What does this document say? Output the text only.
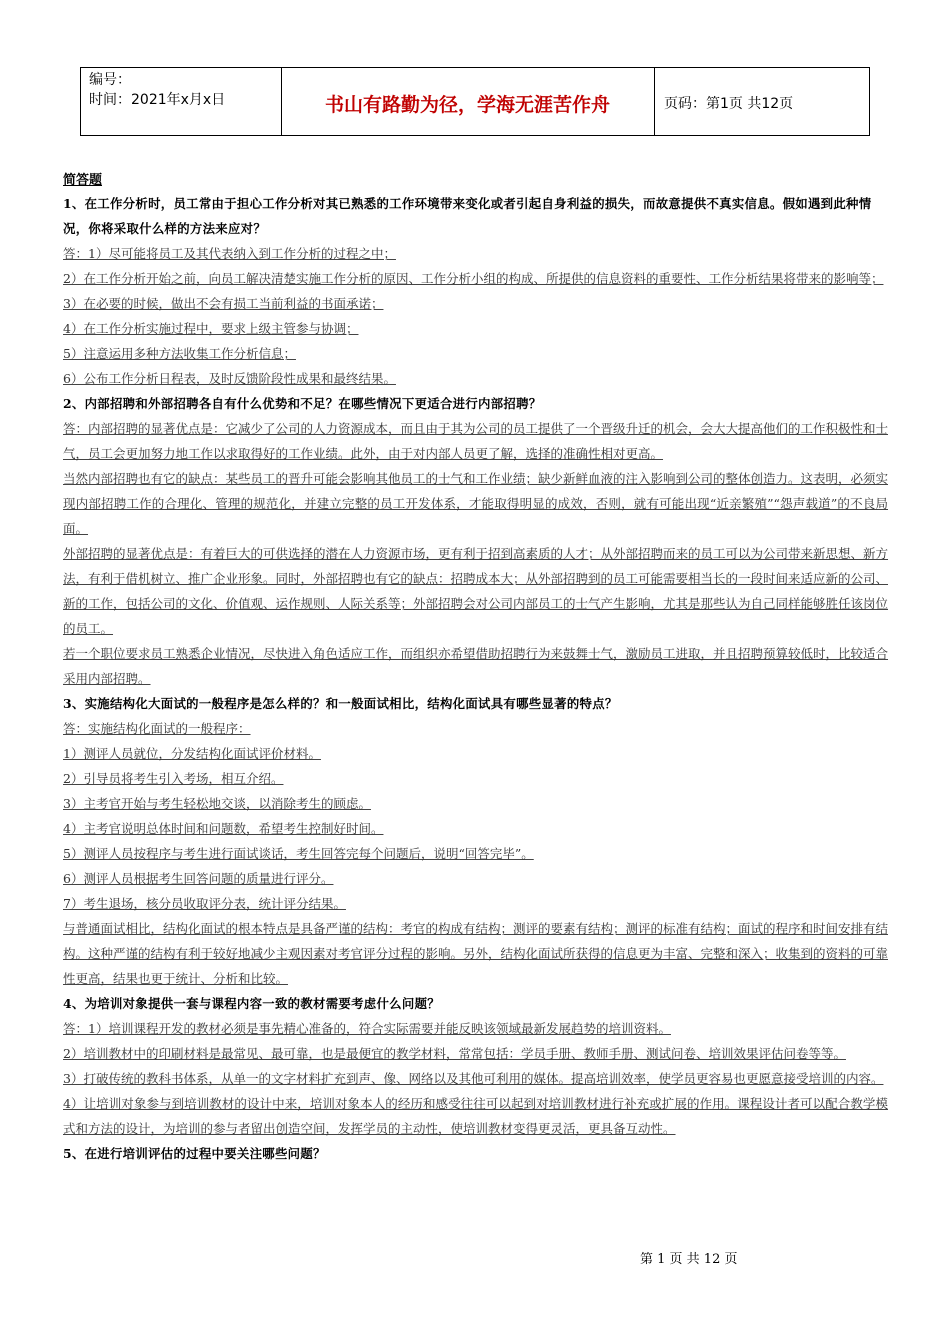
编号：
时间：2021年x月x日	书山有路勤为径，学海无涯苦作舟	页码：第1页 共12页
简答题
1、在工作分析时，员工常由于担心工作分析对其已熟悉的工作环境带来变化或者引起自身利益的损失，而故意提供不真实信息。假如遇到此种情况，你将采取什么样的方法来应对？
答：1）尽可能将员工及其代表纳入到工作分析的过程之中；
2）在工作分析开始之前，向员工解决清楚实施工作分析的原因、工作分析小组的构成、所提供的信息资料的重要性、工作分析结果将带来的影响等；
3）在必要的时候，做出不会有损工当前利益的书面承诺；
4）在工作分析实施过程中，要求上级主管参与协调；
5）注意运用多种方法收集工作分析信息；
6）公布工作分析日程表，及时反馈阶段性成果和最终结果。
2、内部招聘和外部招聘各自有什么优势和不足？在哪些情况下更适合进行内部招聘？
答：内部招聘的显著优点是：它减少了公司的人力资源成本，而且由于其为公司的员工提供了一个晋级升迁的机会，会大大提高他们的工作积极性和士气，员工会更加努力地工作以求取得好的工作业绩。此外，由于对内部人员更了解，选择的准确性相对更高。
当然内部招聘也有它的缺点：某些员工的晋升可能会影响其他员工的士气和工作业绩；缺少新鲜血液的注入影响到公司的整体创造力。这表明，必须实现内部招聘工作的合理化、管理的规范化，并建立完整的员工开发体系，才能取得明显的成效，否则，就有可能出现“近亲繁殖”“怨声载道”的不良局面。
外部招聘的显著优点是：有着巨大的可供选择的潜在人力资源市场，更有利于招到高素质的人才；从外部招聘而来的员工可以为公司带来新思想、新方法，有利于借机树立、推广企业形象。同时，外部招聘也有它的缺点：招聘成本大；从外部招聘到的员工可能需要相当长的一段时间来适应新的公司、新的工作，包括公司的文化、价值观、运作规则、人际关系等；外部招聘会对公司内部员工的士气产生影响，尤其是那些认为自己同样能够胜任该岗位的员工。
若一个职位要求员工熟悉企业情况，尽快进入角色适应工作，而组织亦希望借助招聘行为来鼓舞士气，激励员工进取，并且招聘预算较低时，比较适合采用内部招聘。
3、实施结构化大面试的一般程序是怎么样的？和一般面试相比，结构化面试具有哪些显著的特点？
答：实施结构化面试的一般程序：
1）测评人员就位，分发结构化面试评价材料。
2）引导员将考生引入考场，相互介绍。
3）主考官开始与考生轻松地交谈，以消除考生的顾虑。
4）主考官说明总体时间和问题数，希望考生控制好时间。
5）测评人员按程序与考生进行面试谈话，考生回答完每个问题后，说明“回答完毕”。
6）测评人员根据考生回答问题的质量进行评分。
7）考生退场，核分员收取评分表，统计评分结果。
与普通面试相比，结构化面试的根本特点是具备严谨的结构：考官的构成有结构；测评的要素有结构；测评的标准有结构；面试的程序和时间安排有结构。这种严谨的结构有利于较好地减少主观因素对考官评分过程的影响。另外，结构化面试所获得的信息更为丰富、完整和深入；收集到的资料的可靠性更高，结果也更于统计、分析和比较。
4、为培训对象提供一套与课程内容一致的教材需要考虑什么问题？
答：1）培训课程开发的教材必须是事先精心准备的，符合实际需要并能反映该领域最新发展趋势的培训资料。
2）培训教材中的印刷材料是最常见、最可靠，也是最便宜的教学材料，常常包括：学员手册、教师手册、测试问卷、培训效果评估问卷等等。
3）打破传统的教科书体系，从单一的文字材料扩充到声、像、网络以及其他可利用的媒体。提高培训效率，使学员更容易也更愿意接受培训的内容。
4）让培训对象参与到培训教材的设计中来，培训对象本人的经历和感受往往可以起到对培训教材进行补充或扩展的作用。课程设计者可以配合教学模式和方法的设计，为培训的参与者留出创造空间，发挥学员的主动性，使培训教材变得更灵活，更具备互动性。
5、在进行培训评估的过程中要关注哪些问题？
第 1 页 共 12 页
